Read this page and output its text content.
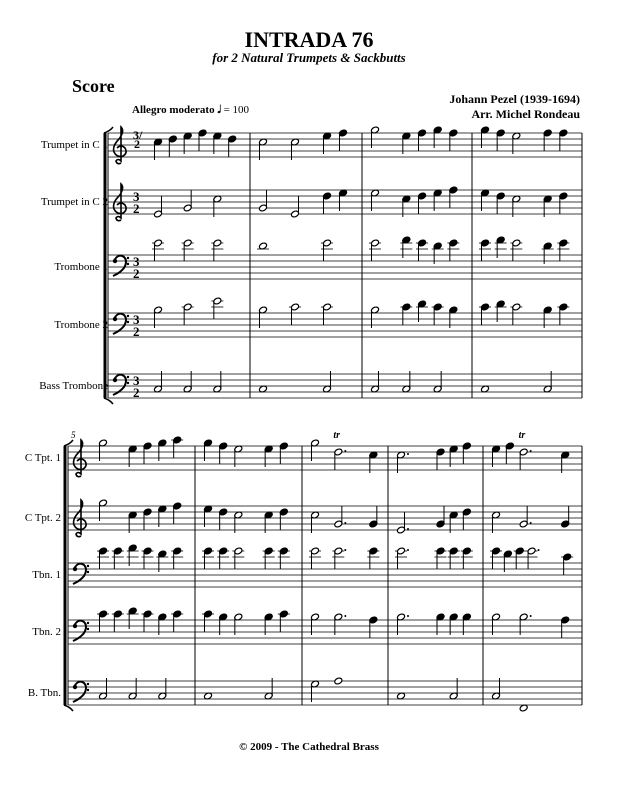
INTRADA 76
for 2 Natural Trumpets & Sackbutts
Score
Johann Pezel (1939-1694)
Arr. Michel Rondeau
Allegro moderato 𝅗𝅥 = 100
Trumpet in C 1
Trumpet in C 2
Trombone 1
Trombone 2
Bass Trombone
C Tpt. 1
C Tpt. 2
Tbn. 1
Tbn. 2
B. Tbn.
3
2
3
2
3
2
3
2
5	tr	tr
3/2
© 2009 - The Cathedral Brass
